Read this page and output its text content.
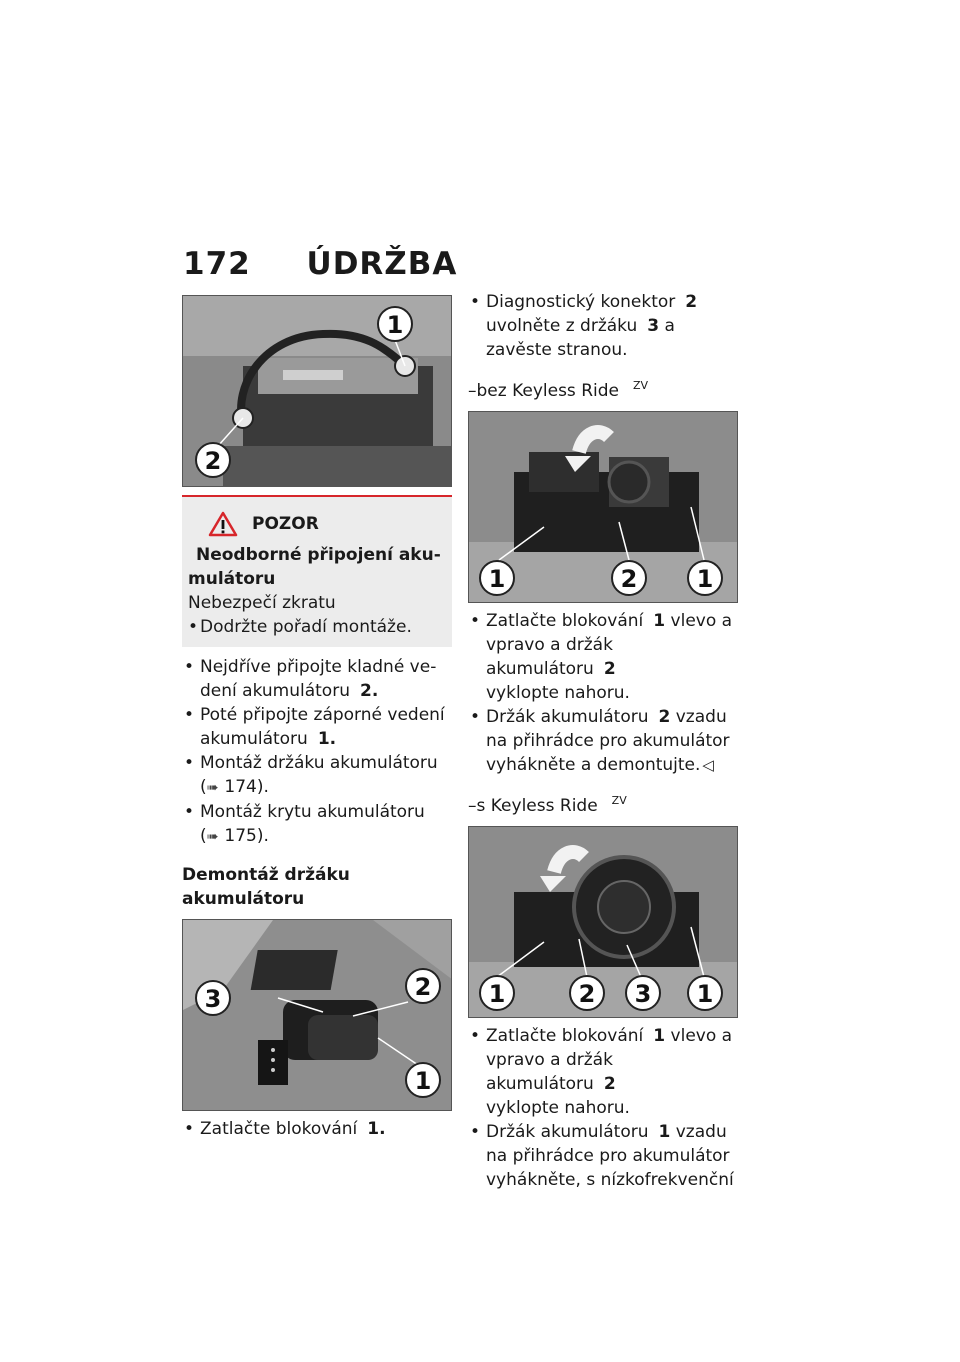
172 ÚDRŽBA
1
2
POZOR
Neodborné připojení aku-mulátoru
Nebezpečí zkratu
• Dodržte pořadí montáže.
• Nejdříve připojte kladné ve-dení akumulátoru 2.
• Poté připojte záporné vedení akumulátoru 1.
• Montáž držáku akumulátoru
(➠ 174).
• Montáž krytu akumulátoru
(➠ 175).
Demontáž držáku akumulátoru
3	2
1
• Zatlačte blokování 1.
• Diagnostický konektor 2 uvolněte z držáku 3 a zavěste stranou.
–bez Keyless Ride $^{ZV}$
1	2 1
• Zatlačte blokování 1 vlevo a vpravo a držák akumulátoru 2
vyklopte nahoru.
• Držák akumulátoru 2 vzadu na přihrádce pro akumulátor vyhákněte a demontujte. ◁
–s Keyless Ride $^{ZV}$
1	2 3 1
• Zatlačte blokování 1 vlevo a vpravo a držák akumulátoru 2
vyklopte nahoru.
• Držák akumulátoru 1 vzadu na přihrádce pro akumulátor vyhákněte, s nízkofrekvenční
